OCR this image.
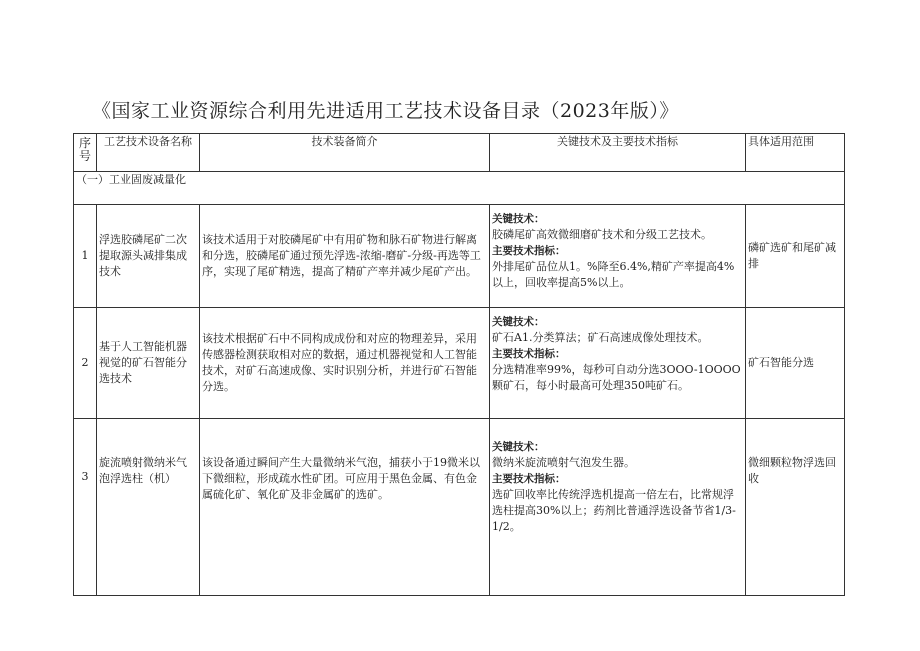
《国家工业资源综合利用先进适用工艺技术设备目录（2023年版）》
序号	工艺技术设备名称	技术装备简介	关键技术及主要技术指标	具体适用范围
（一）工业固废减量化				
1	浮选胶磷尾矿二次提取源头减排集成技术	该技术适用于对胶磷尾矿中有用矿物和脉石矿物进行解离和分选，胶磷尾矿通过预先浮选-浓缩-磨矿-分级-再选等工序，实现了尾矿精选，提高了精矿产率并减少尾矿产出。	关键技术：
胶磷尾矿高效微细磨矿技术和分级工艺技术。
主要技术指标：
外排尾矿品位从1。%降至6.4%,精矿产率提高4%以上，回收率提高5%以上。	磷矿选矿和尾矿减排
2	基于人工智能机器视觉的矿石智能分选技术	该技术根据矿石中不同构成成份和对应的物理差异，采用传感器检测获取相对应的数据，通过机器视觉和人工智能技术，对矿石高速成像、实时识别分析，并进行矿石智能分选。	关键技术：
矿石A1.分类算法；矿石高速成像处理技术。
主要技术指标：
分选精准率99%，每秒可自动分选3OOO-1OOOO颗矿石，每小时最高可处理350吨矿石。	矿石智能分选
3	旋流喷射微纳米气泡浮选柱（机）	该设备通过瞬间产生大量微纳米气泡，捕获小于19微米以下微细粒，形成疏水性矿团。可应用于黑色金属、有色金属硫化矿、氧化矿及非金属矿的选矿。	关键技术：
微纳米旋流喷射气泡发生器。
主要技术指标：
选矿回收率比传统浮选机提高一倍左右，比常规浮选柱提高30%以上；药剂比普通浮选设备节省1/3-1/2。	微细颗粒物浮选回收
